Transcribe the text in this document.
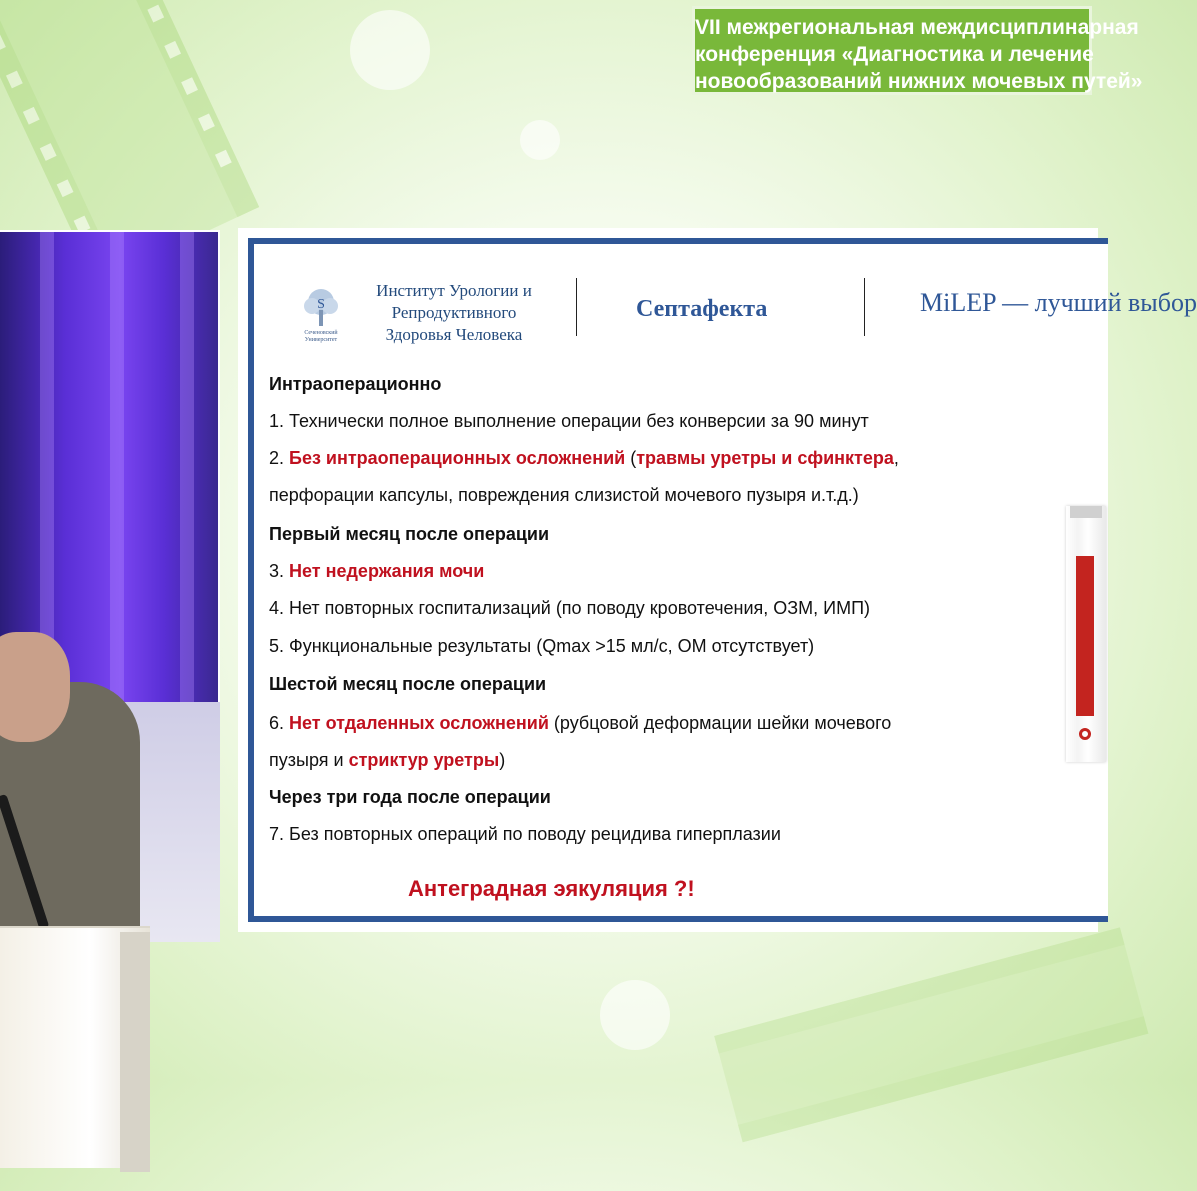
VII межрегиональная междисциплинарная
конференция «Диагностика и лечение
новообразований нижних мочевых путей»
S
Сеченовский
Университет
Институт Урологии и
Репродуктивного
Здоровья Человека
Септафекта	MiLEP — лучший выбор
Интраоперационно
1. Технически полное выполнение операции без конверсии за 90 минут
2. Без интраоперационных осложнений (травмы уретры и сфинктера,
перфорации капсулы, повреждения слизистой мочевого пузыря и.т.д.)
Первый месяц после операции
3. Нет недержания мочи
4. Нет повторных госпитализаций (по поводу кровотечения, ОЗМ, ИМП)
5. Функциональные результаты (Qmax >15 мл/с, ОМ отсутствует)
Шестой месяц после операции
6. Нет отдаленных осложнений (рубцовой деформации шейки мочевого
пузыря и стриктур уретры)
Через три года после операции
7. Без повторных операций по поводу рецидива гиперплазии
Антеградная эякуляция ?!
